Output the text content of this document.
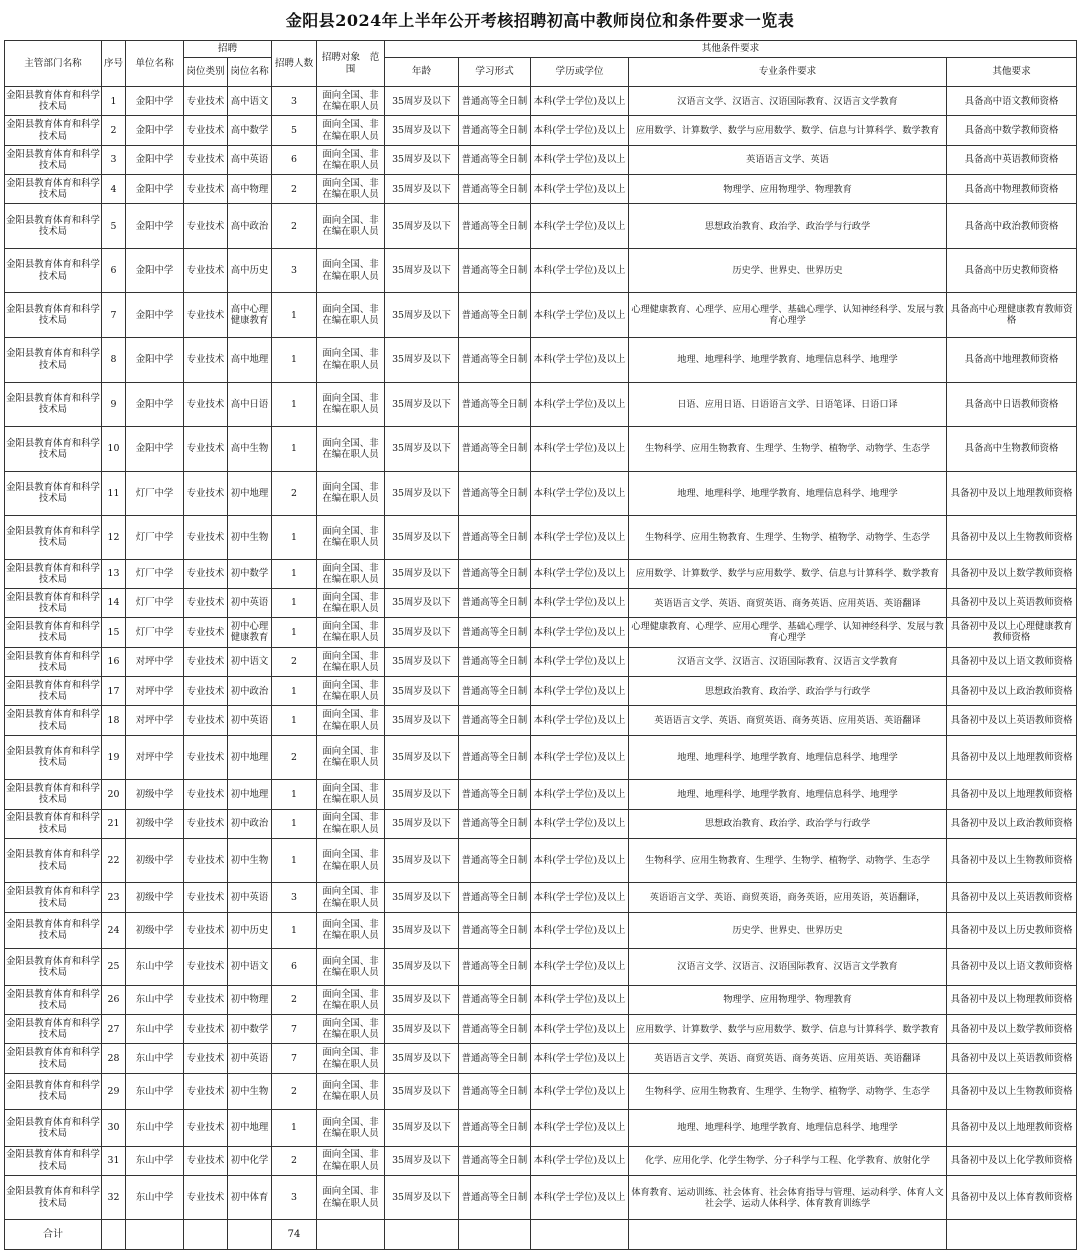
金阳县2024年上半年公开考核招聘初高中教师岗位和条件要求一览表
主管部门名称	序号	单位名称	招聘		招聘人数	招聘对象　范围	其他条件要求				
			岗位类别	岗位名称			年龄	学习形式	学历或学位	专业条件要求	其他要求
金阳县教育体育和科学技术局	1	金阳中学	专业技术	高中语文	3	面向全国、非在编在职人员	35周岁及以下	普通高等全日制	本科(学士学位)及以上	汉语言文学、汉语言、汉语国际教育、汉语言文学教育	具备高中语文教师资格
金阳县教育体育和科学技术局	2	金阳中学	专业技术	高中数学	5	面向全国、非在编在职人员	35周岁及以下	普通高等全日制	本科(学士学位)及以上	应用数学、计算数学、数学与应用数学、数学、信息与计算科学、数学教育	具备高中数学教师资格
金阳县教育体育和科学技术局	3	金阳中学	专业技术	高中英语	6	面向全国、非在编在职人员	35周岁及以下	普通高等全日制	本科(学士学位)及以上	英语语言文学、英语	具备高中英语教师资格
金阳县教育体育和科学技术局	4	金阳中学	专业技术	高中物理	2	面向全国、非在编在职人员	35周岁及以下	普通高等全日制	本科(学士学位)及以上	物理学、应用物理学、物理教育	具备高中物理教师资格
金阳县教育体育和科学技术局	5	金阳中学	专业技术	高中政治	2	面向全国、非在编在职人员	35周岁及以下	普通高等全日制	本科(学士学位)及以上	思想政治教育、政治学、政治学与行政学	具备高中政治教师资格
金阳县教育体育和科学技术局	6	金阳中学	专业技术	高中历史	3	面向全国、非在编在职人员	35周岁及以下	普通高等全日制	本科(学士学位)及以上	历史学、世界史、世界历史	具备高中历史教师资格
金阳县教育体育和科学技术局	7	金阳中学	专业技术	高中心理健康教育	1	面向全国、非在编在职人员	35周岁及以下	普通高等全日制	本科(学士学位)及以上	心理健康教育、心理学、应用心理学、基础心理学、认知神经科学、发展与教育心理学	具备高中心理健康教育教师资格
金阳县教育体育和科学技术局	8	金阳中学	专业技术	高中地理	1	面向全国、非在编在职人员	35周岁及以下	普通高等全日制	本科(学士学位)及以上	地理、地理科学、地理学教育、地理信息科学、地理学	具备高中地理教师资格
金阳县教育体育和科学技术局	9	金阳中学	专业技术	高中日语	1	面向全国、非在编在职人员	35周岁及以下	普通高等全日制	本科(学士学位)及以上	日语、应用日语、日语语言文学、日语笔译、日语口译	具备高中日语教师资格
金阳县教育体育和科学技术局	10	金阳中学	专业技术	高中生物	1	面向全国、非在编在职人员	35周岁及以下	普通高等全日制	本科(学士学位)及以上	生物科学、应用生物教育、生理学、生物学、植物学、动物学、生态学	具备高中生物教师资格
金阳县教育体育和科学技术局	11	灯厂中学	专业技术	初中地理	2	面向全国、非在编在职人员	35周岁及以下	普通高等全日制	本科(学士学位)及以上	地理、地理科学、地理学教育、地理信息科学、地理学	具备初中及以上地理教师资格
金阳县教育体育和科学技术局	12	灯厂中学	专业技术	初中生物	1	面向全国、非在编在职人员	35周岁及以下	普通高等全日制	本科(学士学位)及以上	生物科学、应用生物教育、生理学、生物学、植物学、动物学、生态学	具备初中及以上生物教师资格
金阳县教育体育和科学技术局	13	灯厂中学	专业技术	初中数学	1	面向全国、非在编在职人员	35周岁及以下	普通高等全日制	本科(学士学位)及以上	应用数学、计算数学、数学与应用数学、数学、信息与计算科学、数学教育	具备初中及以上数学教师资格
金阳县教育体育和科学技术局	14	灯厂中学	专业技术	初中英语	1	面向全国、非在编在职人员	35周岁及以下	普通高等全日制	本科(学士学位)及以上	英语语言文学、英语、商贸英语、商务英语、应用英语、英语翻译	具备初中及以上英语教师资格
金阳县教育体育和科学技术局	15	灯厂中学	专业技术	初中心理健康教育	1	面向全国、非在编在职人员	35周岁及以下	普通高等全日制	本科(学士学位)及以上	心理健康教育、心理学、应用心理学、基础心理学、认知神经科学、发展与教育心理学	具备初中及以上心理健康教育教师资格
金阳县教育体育和科学技术局	16	对坪中学	专业技术	初中语文	2	面向全国、非在编在职人员	35周岁及以下	普通高等全日制	本科(学士学位)及以上	汉语言文学、汉语言、汉语国际教育、汉语言文学教育	具备初中及以上语文教师资格
金阳县教育体育和科学技术局	17	对坪中学	专业技术	初中政治	1	面向全国、非在编在职人员	35周岁及以下	普通高等全日制	本科(学士学位)及以上	思想政治教育、政治学、政治学与行政学	具备初中及以上政治教师资格
金阳县教育体育和科学技术局	18	对坪中学	专业技术	初中英语	1	面向全国、非在编在职人员	35周岁及以下	普通高等全日制	本科(学士学位)及以上	英语语言文学、英语、商贸英语、商务英语、应用英语、英语翻译	具备初中及以上英语教师资格
金阳县教育体育和科学技术局	19	对坪中学	专业技术	初中地理	2	面向全国、非在编在职人员	35周岁及以下	普通高等全日制	本科(学士学位)及以上	地理、地理科学、地理学教育、地理信息科学、地理学	具备初中及以上地理教师资格
金阳县教育体育和科学技术局	20	初级中学	专业技术	初中地理	1	面向全国、非在编在职人员	35周岁及以下	普通高等全日制	本科(学士学位)及以上	地理、地理科学、地理学教育、地理信息科学、地理学	具备初中及以上地理教师资格
金阳县教育体育和科学技术局	21	初级中学	专业技术	初中政治	1	面向全国、非在编在职人员	35周岁及以下	普通高等全日制	本科(学士学位)及以上	思想政治教育、政治学、政治学与行政学	具备初中及以上政治教师资格
金阳县教育体育和科学技术局	22	初级中学	专业技术	初中生物	1	面向全国、非在编在职人员	35周岁及以下	普通高等全日制	本科(学士学位)及以上	生物科学、应用生物教育、生理学、生物学、植物学、动物学、生态学	具备初中及以上生物教师资格
金阳县教育体育和科学技术局	23	初级中学	专业技术	初中英语	3	面向全国、非在编在职人员	35周岁及以下	普通高等全日制	本科(学士学位)及以上	英语语言文学、英语、商贸英语，商务英语，应用英语，英语翻译，	具备初中及以上英语教师资格
金阳县教育体育和科学技术局	24	初级中学	专业技术	初中历史	1	面向全国、非在编在职人员	35周岁及以下	普通高等全日制	本科(学士学位)及以上	历史学、世界史、世界历史	具备初中及以上历史教师资格
金阳县教育体育和科学技术局	25	东山中学	专业技术	初中语文	6	面向全国、非在编在职人员	35周岁及以下	普通高等全日制	本科(学士学位)及以上	汉语言文学、汉语言、汉语国际教育、汉语言文学教育	具备初中及以上语文教师资格
金阳县教育体育和科学技术局	26	东山中学	专业技术	初中物理	2	面向全国、非在编在职人员	35周岁及以下	普通高等全日制	本科(学士学位)及以上	物理学、应用物理学、物理教育	具备初中及以上物理教师资格
金阳县教育体育和科学技术局	27	东山中学	专业技术	初中数学	7	面向全国、非在编在职人员	35周岁及以下	普通高等全日制	本科(学士学位)及以上	应用数学、计算数学、数学与应用数学、数学、信息与计算科学、数学教育	具备初中及以上数学教师资格
金阳县教育体育和科学技术局	28	东山中学	专业技术	初中英语	7	面向全国、非在编在职人员	35周岁及以下	普通高等全日制	本科(学士学位)及以上	英语语言文学、英语、商贸英语、商务英语、应用英语、英语翻译	具备初中及以上英语教师资格
金阳县教育体育和科学技术局	29	东山中学	专业技术	初中生物	2	面向全国、非在编在职人员	35周岁及以下	普通高等全日制	本科(学士学位)及以上	生物科学、应用生物教育、生理学、生物学、植物学、动物学、生态学	具备初中及以上生物教师资格
金阳县教育体育和科学技术局	30	东山中学	专业技术	初中地理	1	面向全国、非在编在职人员	35周岁及以下	普通高等全日制	本科(学士学位)及以上	地理、地理科学、地理学教育、地理信息科学、地理学	具备初中及以上地理教师资格
金阳县教育体育和科学技术局	31	东山中学	专业技术	初中化学	2	面向全国、非在编在职人员	35周岁及以下	普通高等全日制	本科(学士学位)及以上	化学、应用化学、化学生物学、分子科学与工程、化学教育、放射化学	具备初中及以上化学教师资格
金阳县教育体育和科学技术局	32	东山中学	专业技术	初中体育	3	面向全国、非在编在职人员	35周岁及以下	普通高等全日制	本科(学士学位)及以上	体育教育、运动训练、社会体育、社会体育指导与管理、运动科学、体育人文社会学、运动人体科学、体育教育训练学	具备初中及以上体育教师资格
合计					74						
